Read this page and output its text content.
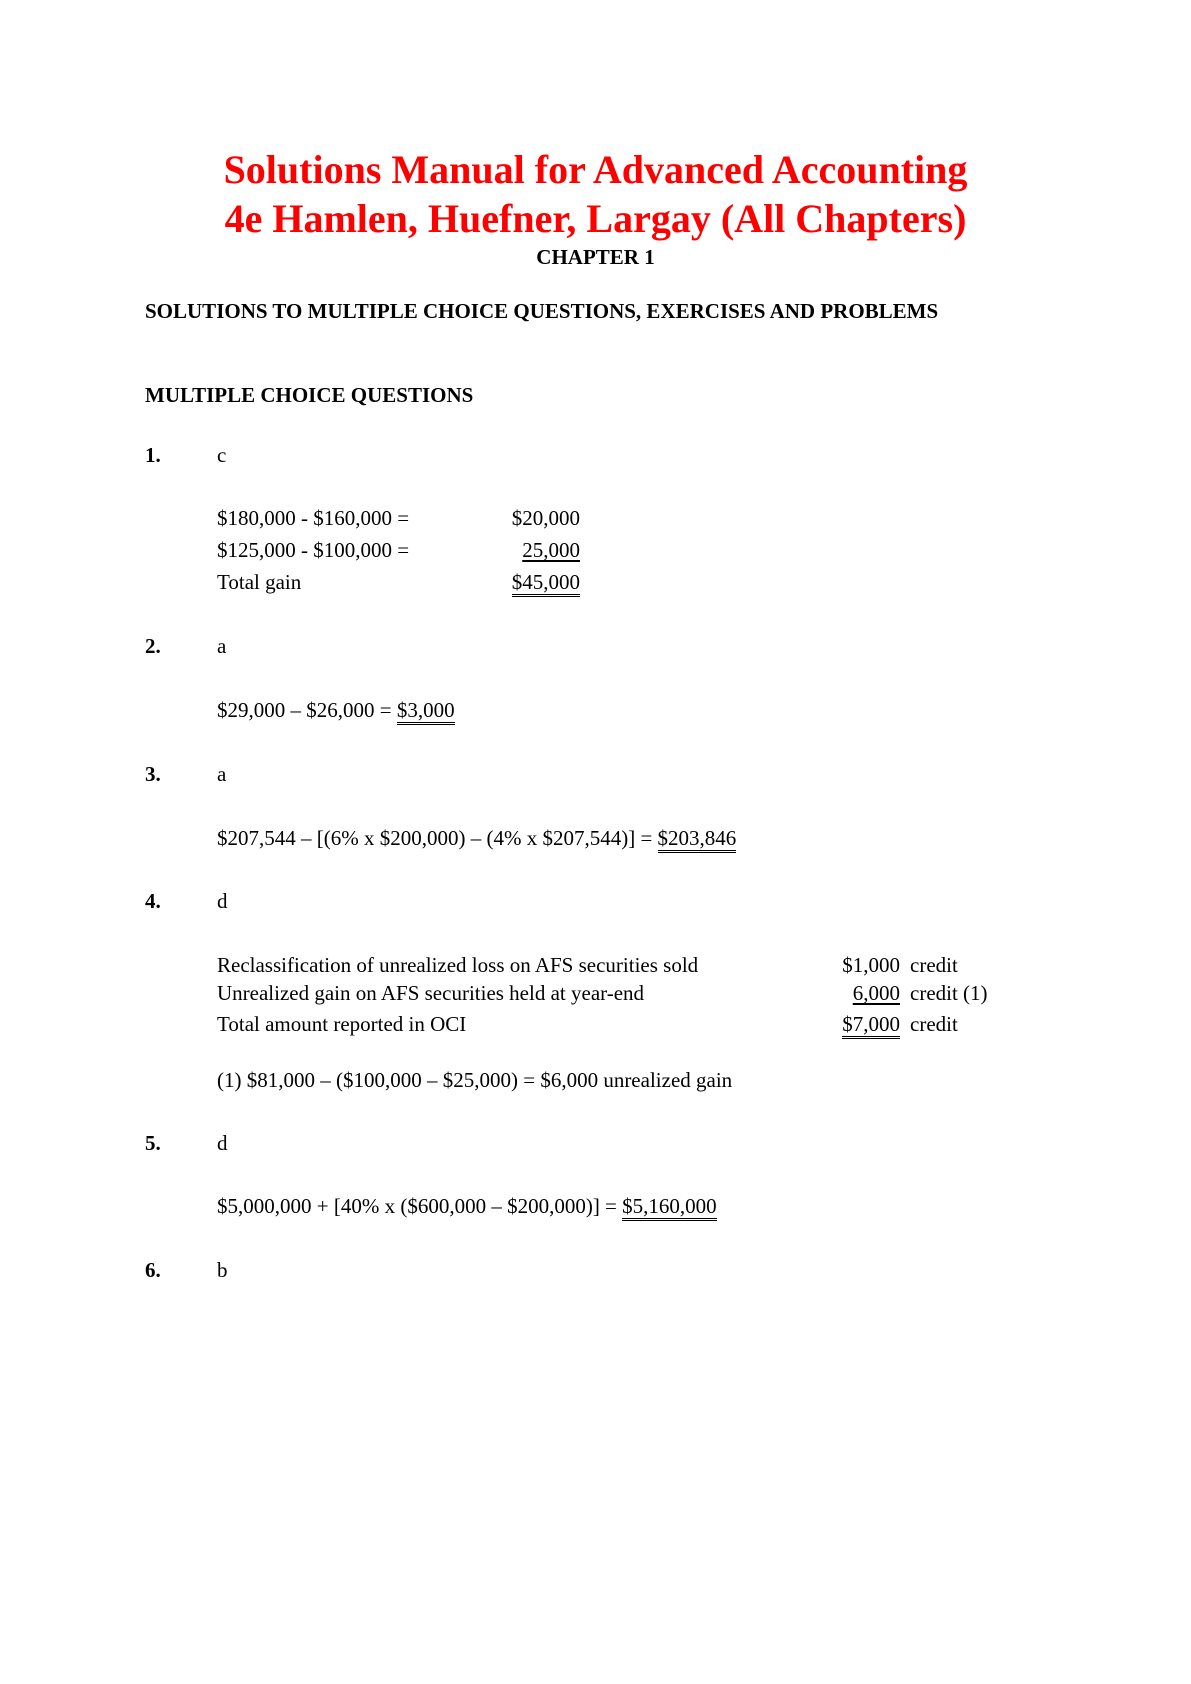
Solutions Manual for Advanced Accounting
4e Hamlen, Huefner, Largay (All Chapters)
CHAPTER 1
SOLUTIONS TO MULTIPLE CHOICE QUESTIONS, EXERCISES AND PROBLEMS
MULTIPLE CHOICE QUESTIONS
1.	c
$180,000 - $160,000 =	$20,000
$125,000 - $100,000 =	25,000
Total gain	$45,000
2.	a
$29,000 – $26,000 = $3,000
3.	a
$207,544 – [(6% x $200,000) – (4% x $207,544)] = $203,846
4.	d
Reclassification of unrealized loss on AFS securities sold	$1,000 credit
Unrealized gain on AFS securities held at year-end	6,000 credit (1)
Total amount reported in OCI	$7,000 credit
(1) $81,000 – ($100,000 – $25,000) = $6,000 unrealized gain
5.	d
$5,000,000 + [40% x ($600,000 – $200,000)] = $5,160,000
6.	b
